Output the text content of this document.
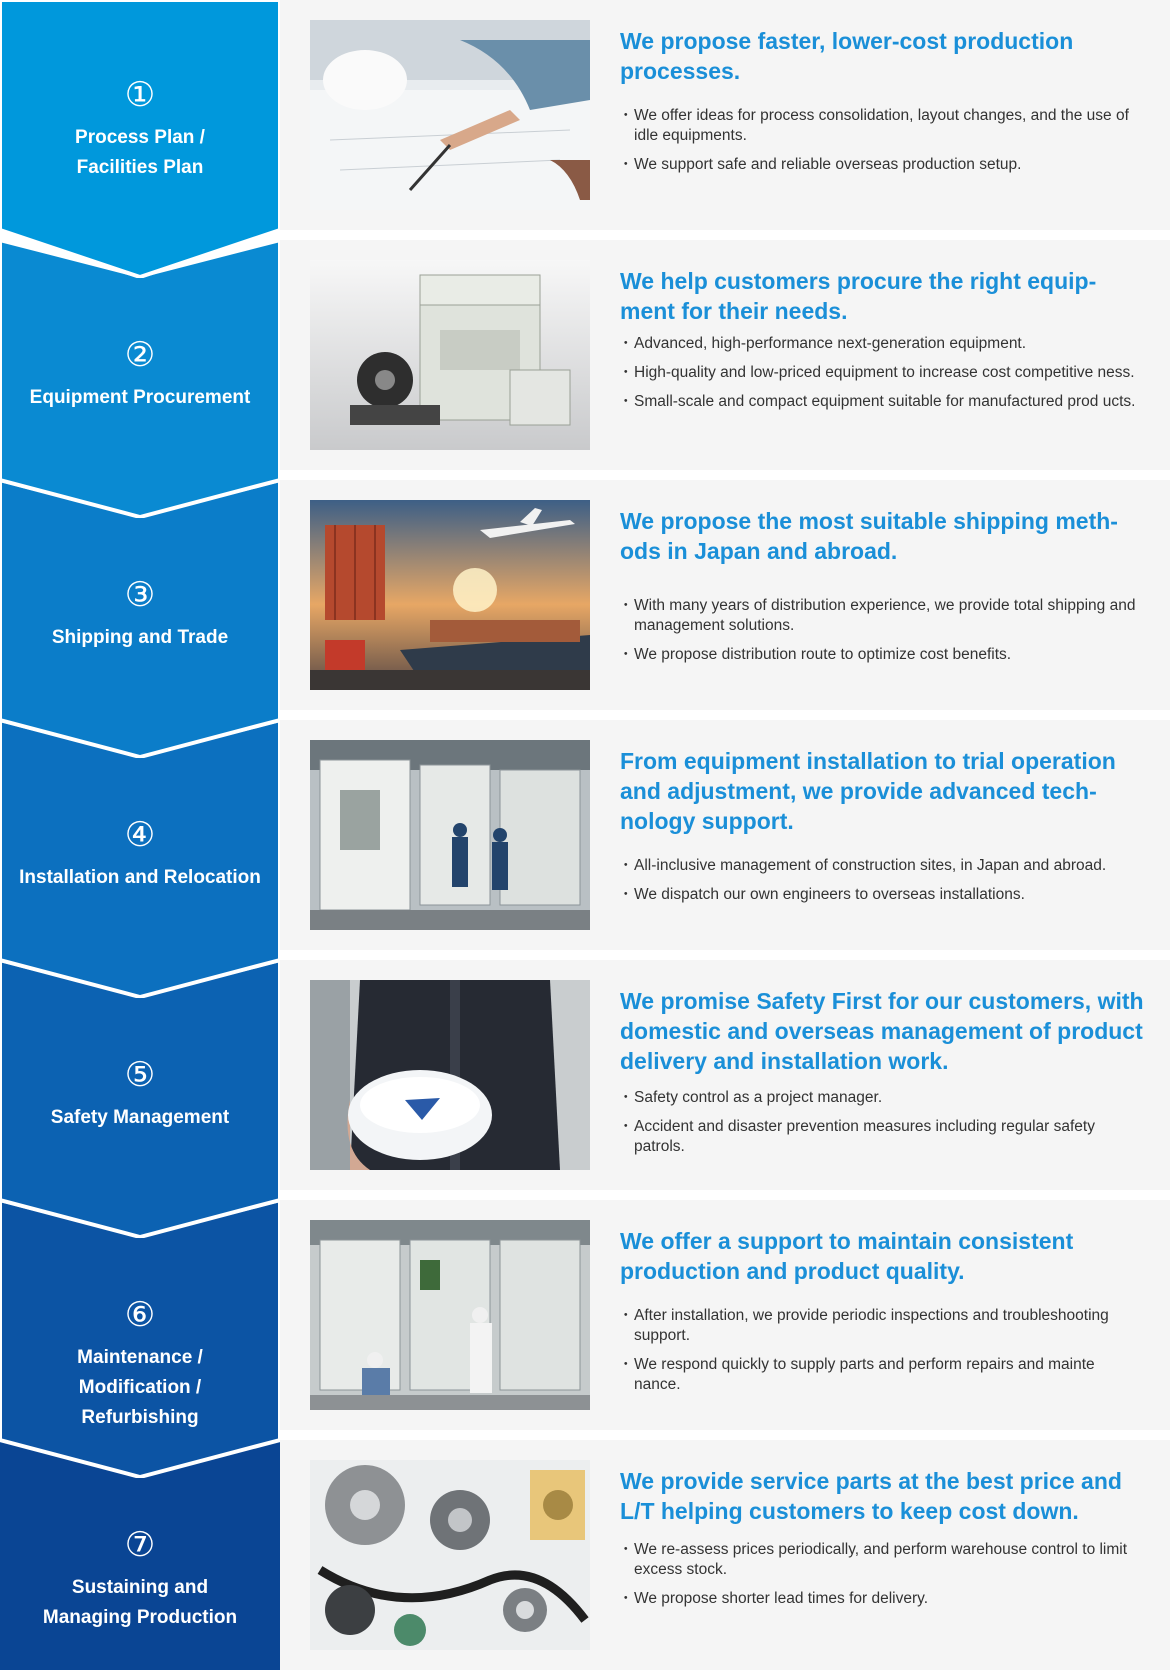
We propose faster, lower-cost production processes.
・ We offer ideas for process consolidation, layout changes, and the use of idle equipments.
・ We support safe and reliable overseas production setup.
We help customers procure the right equip-ment for their needs.
・ Advanced, high-performance next-generation equipment.
・ High-quality and low-priced equipment to increase cost competitive ness.
・ Small-scale and compact equipment suitable for manufactured prod ucts.
We propose the most suitable shipping meth-ods in Japan and abroad.
・ With many years of distribution experience, we provide total shipping and management solutions.
・ We propose distribution route to optimize cost benefits.
From equipment installation to trial operation and adjustment, we provide advanced tech-nology support.
・ All-inclusive management of construction sites, in Japan and abroad.
・ We dispatch our own engineers to overseas installations.
We promise Safety First for our customers, with domestic and overseas management of product delivery and installation work.
・ Safety control as a project manager.
・ Accident and disaster prevention measures including regular safety patrols.
We offer a support to maintain consistent production and product quality.
・ After installation, we provide periodic inspections and troubleshooting support.
・ We respond quickly to supply parts and perform repairs and mainte nance.
We provide service parts at the best price and L/T helping customers to keep cost down.
・ We re-assess prices periodically, and perform warehouse control to limit excess stock.
・ We propose shorter lead times for delivery.
①
Process Plan / Facilities Plan
②
Equipment Procurement
③
Shipping and Trade
④
Installation and Relocation
⑤
Safety Management
⑥
Maintenance / Modification / Refurbishing
⑦
Sustaining and Managing Production
